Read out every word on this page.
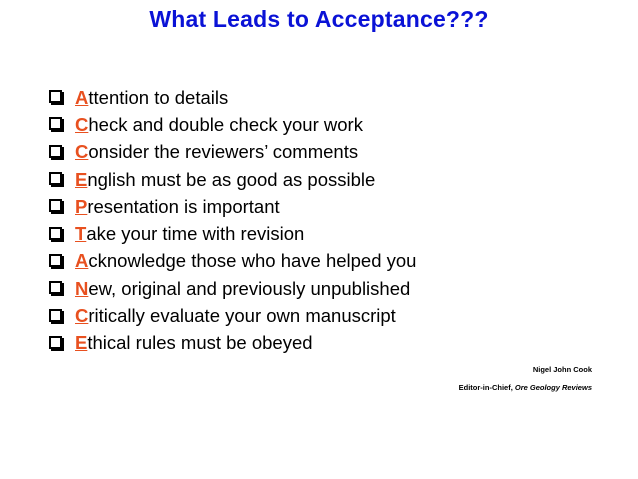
What Leads to Acceptance???
A ttention to details
C heck and double check your work
C onsider the reviewers’ comments
E nglish must be as good as possible
P resentation is important
T ake your time with revision
A cknowledge those who have helped you
N ew, original and previously unpublished
C ritically evaluate your own manuscript
E thical rules must be obeyed
Nigel John Cook
Editor-in-Chief, Ore Geology Reviews
